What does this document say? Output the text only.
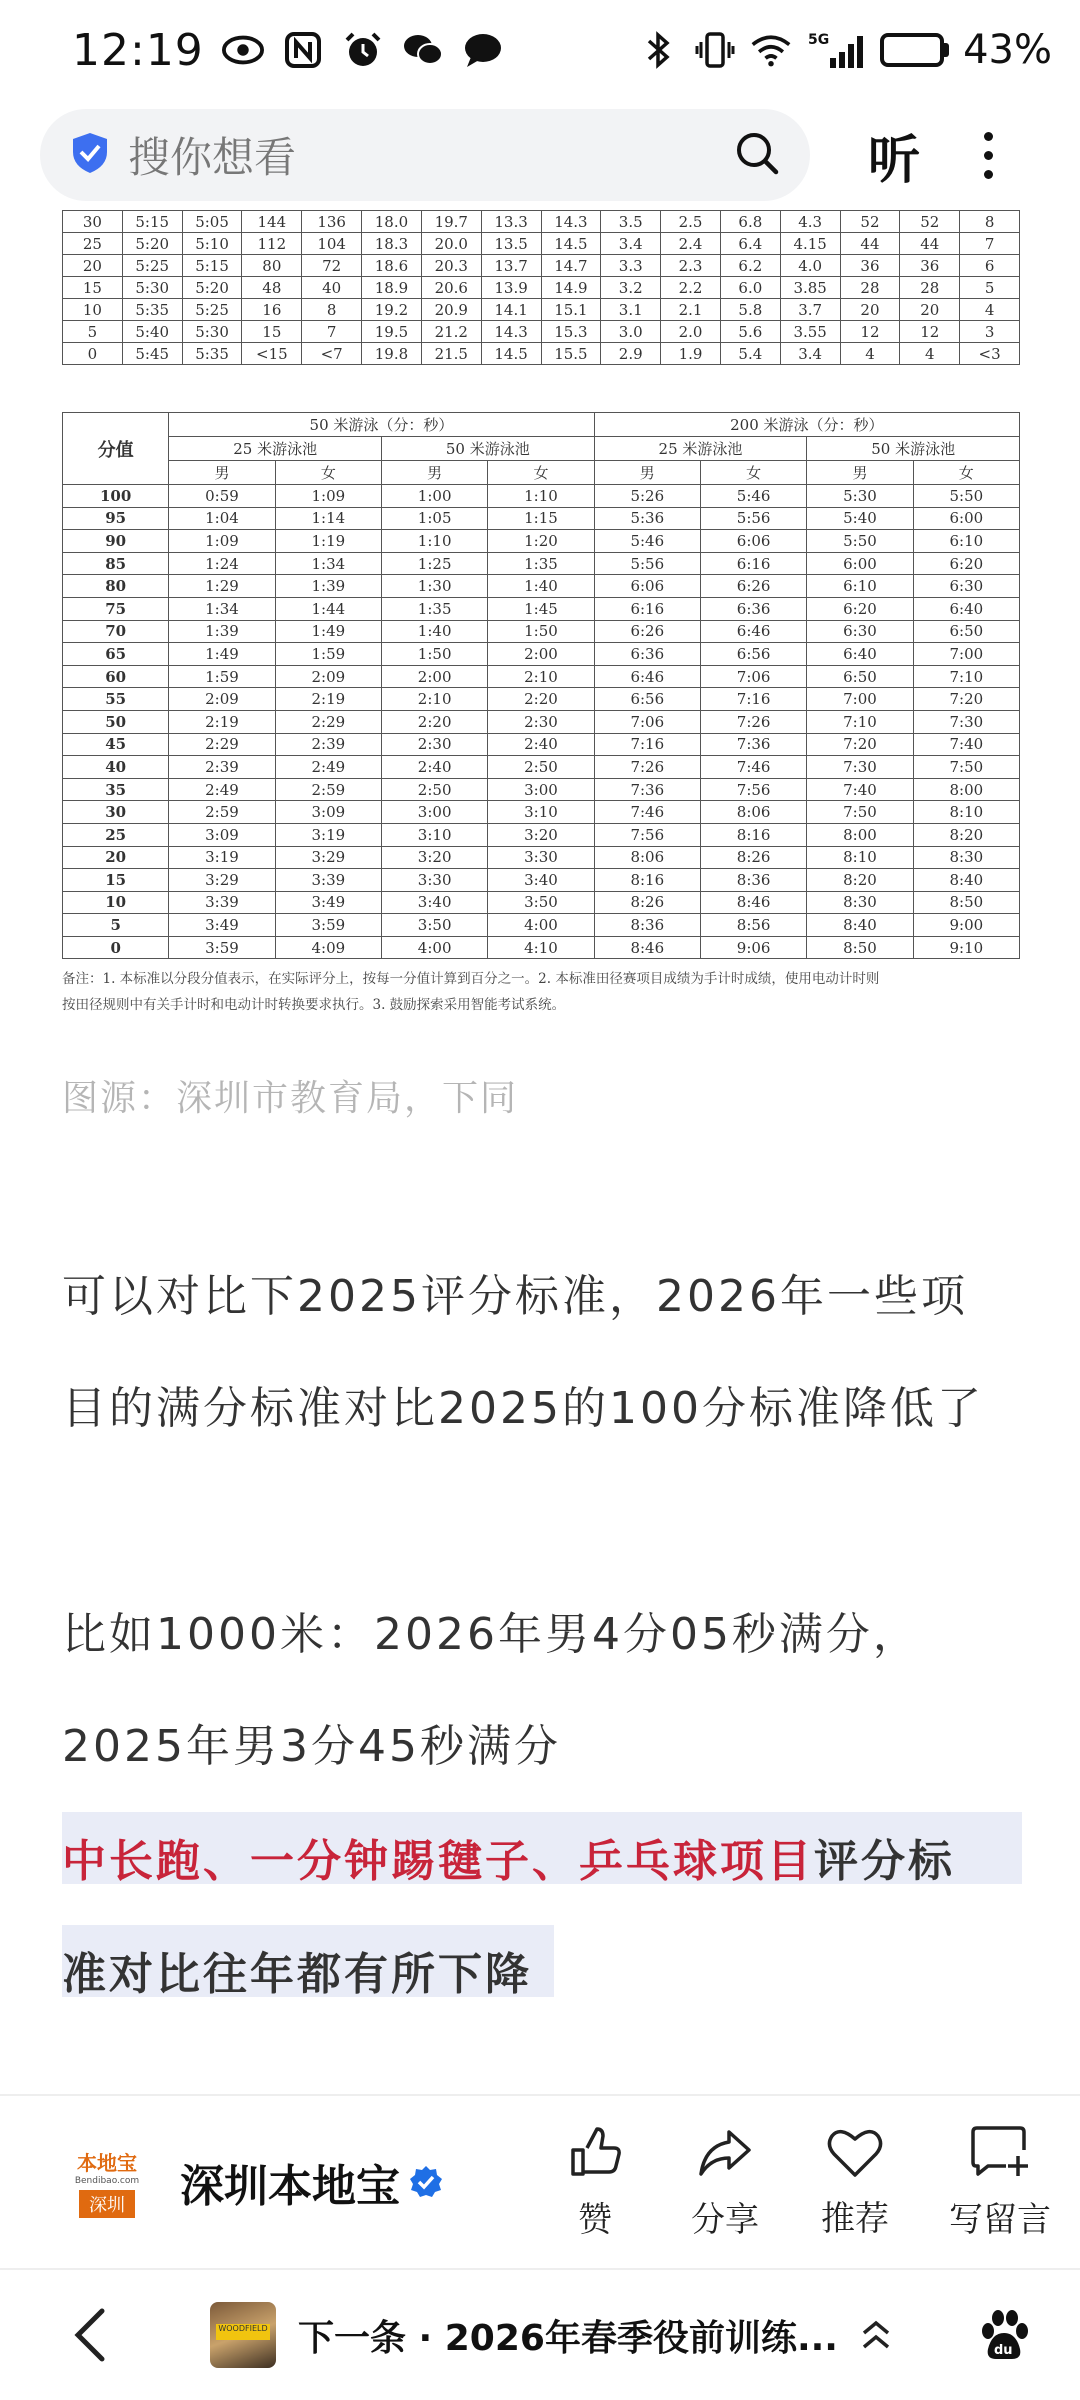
12:19	5G	43%
搜你想看	听
30	5:15	5:05	144	136	18.0	19.7	13.3	14.3	3.5	2.5	6.8	4.3	52	52	8
25	5:20	5:10	112	104	18.3	20.0	13.5	14.5	3.4	2.4	6.4	4.15	44	44	7
20	5:25	5:15	80	72	18.6	20.3	13.7	14.7	3.3	2.3	6.2	4.0	36	36	6
15	5:30	5:20	48	40	18.9	20.6	13.9	14.9	3.2	2.2	6.0	3.85	28	28	5
10	5:35	5:25	16	8	19.2	20.9	14.1	15.1	3.1	2.1	5.8	3.7	20	20	4
5	5:40	5:30	15	7	19.5	21.2	14.3	15.3	3.0	2.0	5.6	3.55	12	12	3
0	5:45	5:35	<15	<7	19.8	21.5	14.5	15.5	2.9	1.9	5.4	3.4	4	4	<3
分值	50 米游泳（分：秒）				200 米游泳（分：秒）			
	25 米游泳池		50 米游泳池		25 米游泳池		50 米游泳池	
	男	女	男	女	男	女	男	女
100	0:59	1:09	1:00	1:10	5:26	5:46	5:30	5:50
95	1:04	1:14	1:05	1:15	5:36	5:56	5:40	6:00
90	1:09	1:19	1:10	1:20	5:46	6:06	5:50	6:10
85	1:24	1:34	1:25	1:35	5:56	6:16	6:00	6:20
80	1:29	1:39	1:30	1:40	6:06	6:26	6:10	6:30
75	1:34	1:44	1:35	1:45	6:16	6:36	6:20	6:40
70	1:39	1:49	1:40	1:50	6:26	6:46	6:30	6:50
65	1:49	1:59	1:50	2:00	6:36	6:56	6:40	7:00
60	1:59	2:09	2:00	2:10	6:46	7:06	6:50	7:10
55	2:09	2:19	2:10	2:20	6:56	7:16	7:00	7:20
50	2:19	2:29	2:20	2:30	7:06	7:26	7:10	7:30
45	2:29	2:39	2:30	2:40	7:16	7:36	7:20	7:40
40	2:39	2:49	2:40	2:50	7:26	7:46	7:30	7:50
35	2:49	2:59	2:50	3:00	7:36	7:56	7:40	8:00
30	2:59	3:09	3:00	3:10	7:46	8:06	7:50	8:10
25	3:09	3:19	3:10	3:20	7:56	8:16	8:00	8:20
20	3:19	3:29	3:20	3:30	8:06	8:26	8:10	8:30
15	3:29	3:39	3:30	3:40	8:16	8:36	8:20	8:40
10	3:39	3:49	3:40	3:50	8:26	8:46	8:30	8:50
5	3:49	3:59	3:50	4:00	8:36	8:56	8:40	9:00
0	3:59	4:09	4:00	4:10	8:46	9:06	8:50	9:10
备注：1. 本标准以分段分值表示，在实际评分上，按每一分值计算到百分之一。2. 本标准田径赛项目成绩为手计时成绩，使用电动计时则
按田径规则中有关手计时和电动计时转换要求执行。3. 鼓励探索采用智能考试系统。
图源：深圳市教育局，下同
可以对比下2025评分标准，2026年一些项
目的满分标准对比2025的100分标准降低了
比如1000米：2026年男4分05秒满分，
2025年男3分45秒满分
中长跑、一分钟踢毽子、乒乓球项目评分标
准对比往年都有所下降
本地宝
Bendibao.com
深圳 深圳本地宝
赞 分享 推荐 写留言
WOODFIELD 下一条 · 2026年春季役前训练...	du
